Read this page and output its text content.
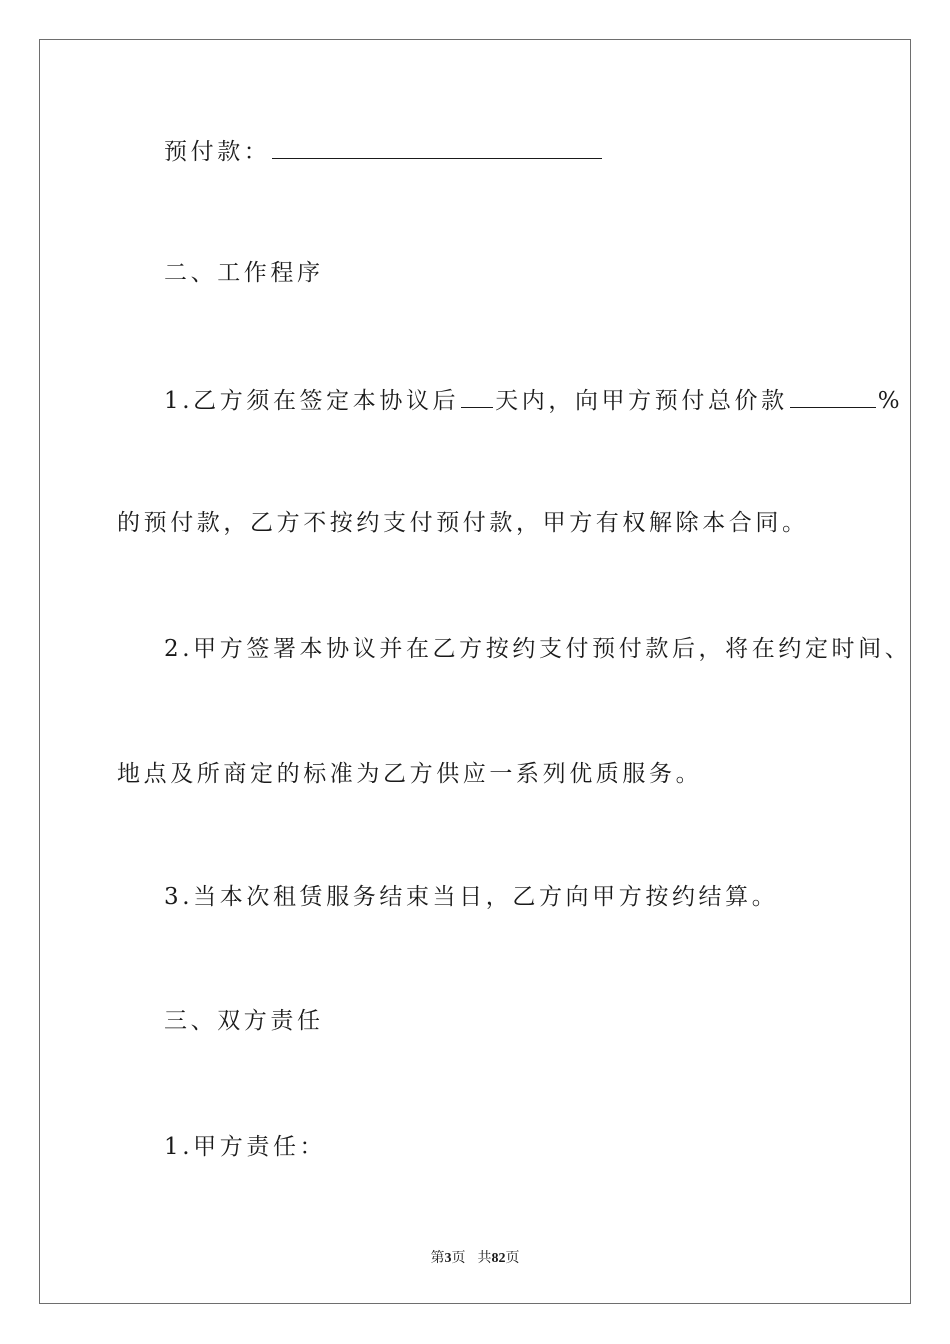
预付款：
二、工作程序
1.乙方须在签定本协议后 天内，向甲方预付总价款	%
的预付款，乙方不按约支付预付款，甲方有权解除本合同。
2.甲方签署本协议并在乙方按约支付预付款后，将在约定时间、
地点及所商定的标准为乙方供应一系列优质服务。
3.当本次租赁服务结束当日，乙方向甲方按约结算。
三、双方责任
1.甲方责任：
第3页 共82页
